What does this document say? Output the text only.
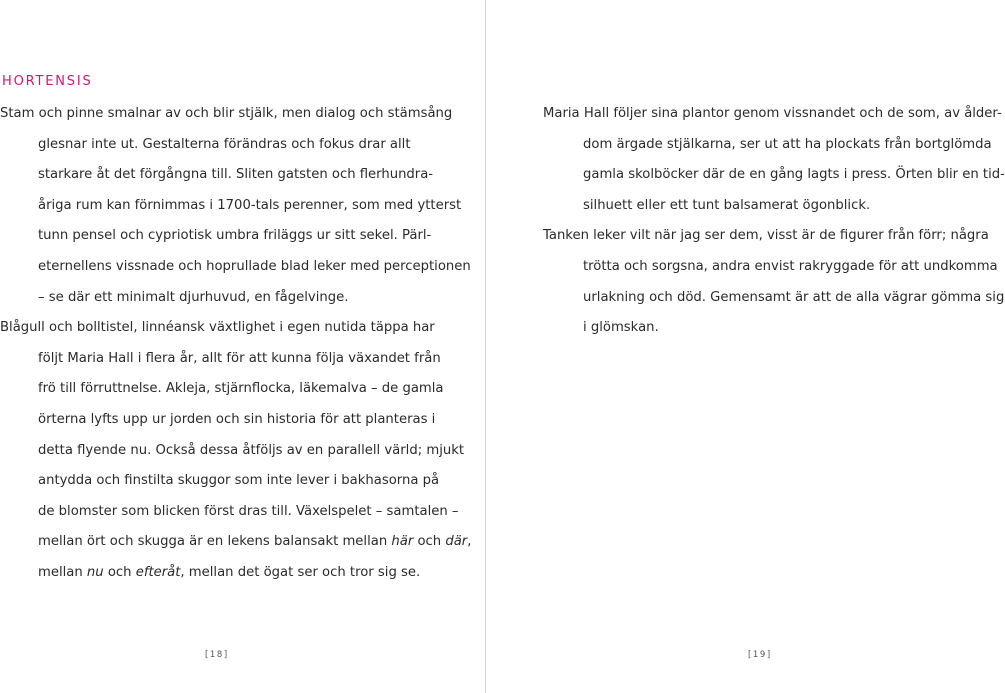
HORTENSIS
Stam och pinne smalnar av och blir stjälk, men dialog och stämsång
glesnar inte ut. Gestalterna förändras och fokus drar allt
starkare åt det förgångna till. Sliten gatsten och flerhundra-
åriga rum kan förnimmas i 1700-tals perenner, som med ytterst
tunn pensel och cypriotisk umbra friläggs ur sitt sekel. Pärl-
eternellens vissnade och hoprullade blad leker med perceptionen
– se där ett minimalt djurhuvud, en fågelvinge.
Blågull och bolltistel, linnéansk växtlighet i egen nutida täppa har
följt Maria Hall i flera år, allt för att kunna följa växandet från
frö till förruttnelse. Akleja, stjärnflocka, läkemalva – de gamla
örterna lyfts upp ur jorden och sin historia för att planteras i
detta flyende nu. Också dessa åtföljs av en parallell värld; mjukt
antydda och finstilta skuggor som inte lever i bakhasorna på
de blomster som blicken först dras till. Växelspelet – samtalen –
mellan ört och skugga är en lekens balansakt mellan här och där,
mellan nu och efteråt, mellan det ögat ser och tror sig se.
[18]
Maria Hall följer sina plantor genom vissnandet och de som, av ålder-
dom ärgade stjälkarna, ser ut att ha plockats från bortglömda
gamla skolböcker där de en gång lagts i press. Örten blir en tid-
silhuett eller ett tunt balsamerat ögonblick.
Tanken leker vilt när jag ser dem, visst är de figurer från förr; några
trötta och sorgsna, andra envist rakryggade för att undkomma
urlakning och död. Gemensamt är att de alla vägrar gömma sig
i glömskan.
[19]
